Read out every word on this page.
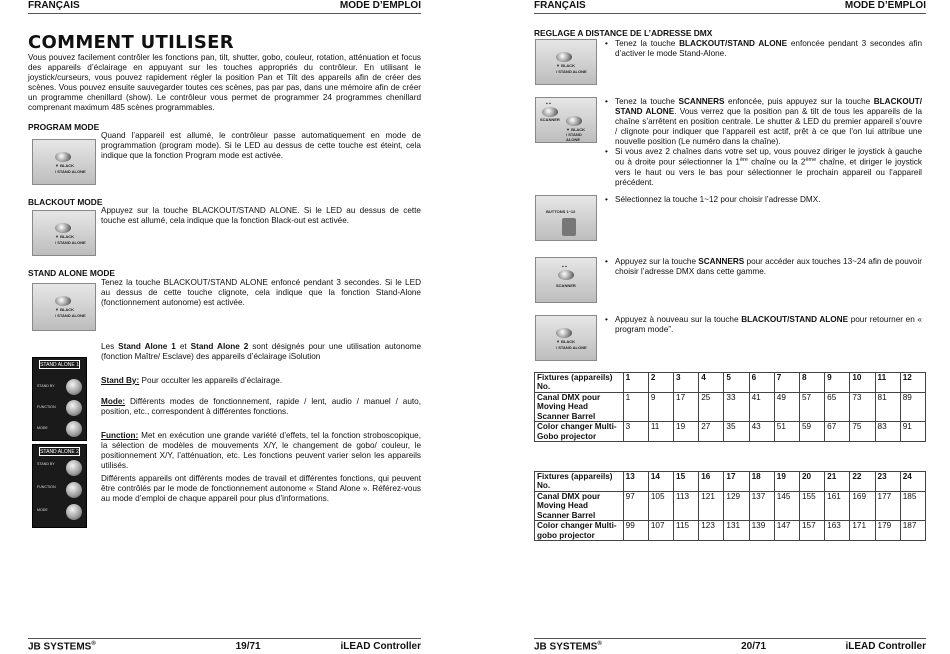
FRANÇAIS	MODE D’EMPLOI
COMMENT UTILISER

Vous pouvez facilement contrôler les fonctions pan, tilt, shutter, gobo, couleur, rotation, atténuation et focus des appareils d’éclairage en appuyant sur les touches appropriés du contrôleur. En utilisant le joystick/curseurs, vous pouvez rapidement régler la position Pan et Tilt des appareils afin de créer des scènes. Vous pouvez ensuite sauvegarder toutes ces scènes, pas par pas, dans une mémoire afin de créer un programme chenillard (show). Le contrôleur vous permet de programmer 24 programmes chenillard comprenant maximum 485 scènes programmables.

PROGRAM MODE
▼ BLACK
/ STAND ALONE

Quand l’appareil est allumé, le contrôleur passe automatiquement en mode de programmation (program mode). Si le LED au dessus de cette touche est éteint, cela indique que la fonction Program mode est activée.

BLACKOUT MODE
▼ BLACK
/ STAND ALONE

Appuyez sur la touche BLACKOUT/STAND ALONE. Si le LED au dessus de cette touche est allumé, cela indique que la fonction Black-out est activée.

STAND ALONE MODE
▼ BLACK
/ STAND ALONE

Tenez la touche BLACKOUT/STAND ALONE enfoncé pendant 3 secondes. Si le LED au dessus de cette touche clignote, cela indique que la fonction Stand-Alone (fonctionnement autonome) est activée.

STAND ALONE 1
STAND BY
FUNCTION
MODE
STAND ALONE 2
STAND BY
FUNCTION
MODE

Les Stand Alone 1 et Stand Alone 2 sont désignés pour une utilisation autonome (fonction Maître/ Esclave) des appareils d’éclairage iSolution

Stand By: Pour occulter les appareils d’éclairage.

Mode: Différents modes de fonctionnement, rapide / lent, audio / manuel / auto, position, etc., correspondent à différentes fonctions.

Function: Met en exécution une grande variété d’effets, tel la fonction stroboscopique, la sélection de modèles de mouvements X/Y, le changement de gobo/ couleur, le positionnement X/Y, l’atténuation, etc. Les fonctions peuvent varier selon les appareils utilisés.

Différents appareils ont différents modes de travail et différentes fonctions, qui peuvent être contrôlés par le mode de fonctionnement autonome « Stand Alone ». Référez-vous au mode d’emploi de chaque appareil pour plus d’informations.

JB SYSTEMS®	19/71	iLEAD Controller
FRANÇAIS	MODE D’EMPLOI
REGLAGE A DISTANCE DE L’ADRESSE DMX
▼ BLACK
/ STAND ALONE
• Tenez la touche BLACKOUT/STAND ALONE enfoncée pendant 3 secondes afin d’activer le mode Stand-Alone.
▪ ▪
SCANNER
▼ BLACK
/ STAND ALONE
• Tenez la touche SCANNERS enfoncée, puis appuyez sur la touche BLACKOUT/ STAND ALONE. Vous verrez que la position pan & tilt de tous les appareils de la chaîne s’arrêtent en position centrale. Le shutter & LED du premier appareil s’ouvre / clignote pour indiquer que l’appareil est actif, prêt à ce que l’on lui attribue une nouvelle position (Le numéro dans la chaîne).
• Si vous avez 2 chaînes dans votre set up, vous pouvez diriger le joystick à gauche ou à droite pour sélectionner la 1ère chaîne ou la 2ème chaîne, et diriger le joystick vers le haut ou vers le bas pour sélectionner le prochain appareil ou l’appareil précédent.
BUTTONS 1~12
• Sélectionnez la touche 1~12 pour choisir l’adresse DMX.
▪ ▪
SCANNER
• Appuyez sur la touche SCANNERS pour accéder aux touches 13~24 afin de pouvoir choisir l’adresse DMX dans cette gamme.
▼ BLACK
/ STAND ALONE
• Appuyez à nouveau sur la touche BLACKOUT/STAND ALONE pour retourner en « program mode”.
Fixtures (appareils) No.	1	2	3	4	5	6	7	8	9	10	11	12
Canal DMX pour Moving Head Scanner Barrel	1	9	17	25	33	41	49	57	65	73	81	89
Color changer Multi-Gobo projector	3	11	19	27	35	43	51	59	67	75	83	91
Fixtures (appareils) No.	13	14	15	16	17	18	19	20	21	22	23	24
Canal DMX pour Moving Head Scanner Barrel	97	105	113	121	129	137	145	155	161	169	177	185
Color changer Multi-gobo projector	99	107	115	123	131	139	147	157	163	171	179	187
JB SYSTEMS®	20/71	iLEAD Controller
